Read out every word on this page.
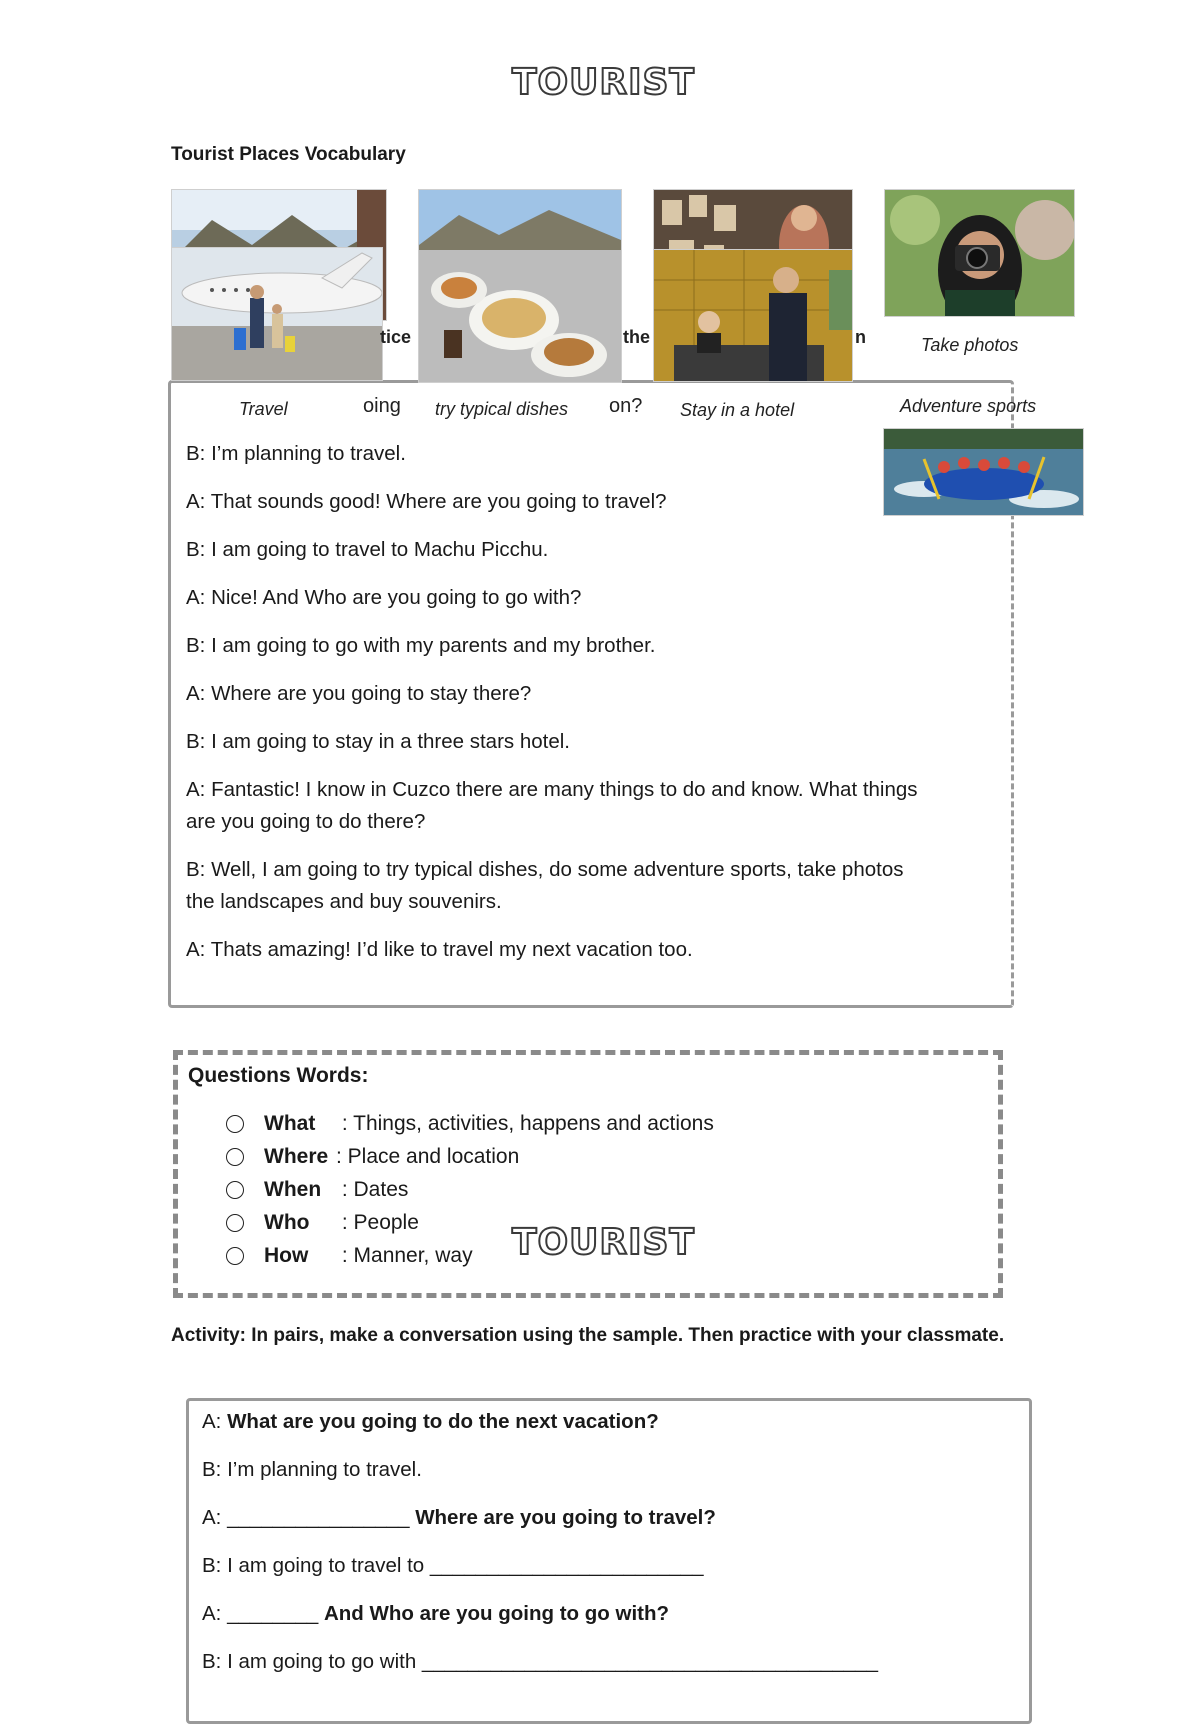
TOURIST
Tourist Places Vocabulary
tice	the	n
oing	on?
Travel	try typical dishes	Stay in a hotel
Take photos
Adventure sports
B: I’m planning to travel.
A: That sounds good! Where are you going to travel?
B: I am going to travel to Machu Picchu.
A: Nice! And Who are you going to go with?
B: I am going to go with my parents and my brother.
A: Where are you going to stay there?
B: I am going to stay in a three stars hotel.
A: Fantastic! I know in Cuzco there are many things to do and know. What things
are you going to do there?
B: Well, I am going to try typical dishes, do some adventure sports, take photos
the landscapes and buy souvenirs.
A: Thats amazing! I’d like to travel my next vacation too.
Questions Words:
What : Things, activities, happens and actions
Where : Place and location
When : Dates
Who : People
How : Manner, way TOURIST
Activity: In pairs, make a conversation using the sample. Then practice with your classmate.
A: What are you going to do the next vacation?
B: I’m planning to travel.
A: ________________ Where are you going to travel?
B: I am going to travel to ________________________
A: ________ And Who are you going to go with?
B: I am going to go with ________________________________________
